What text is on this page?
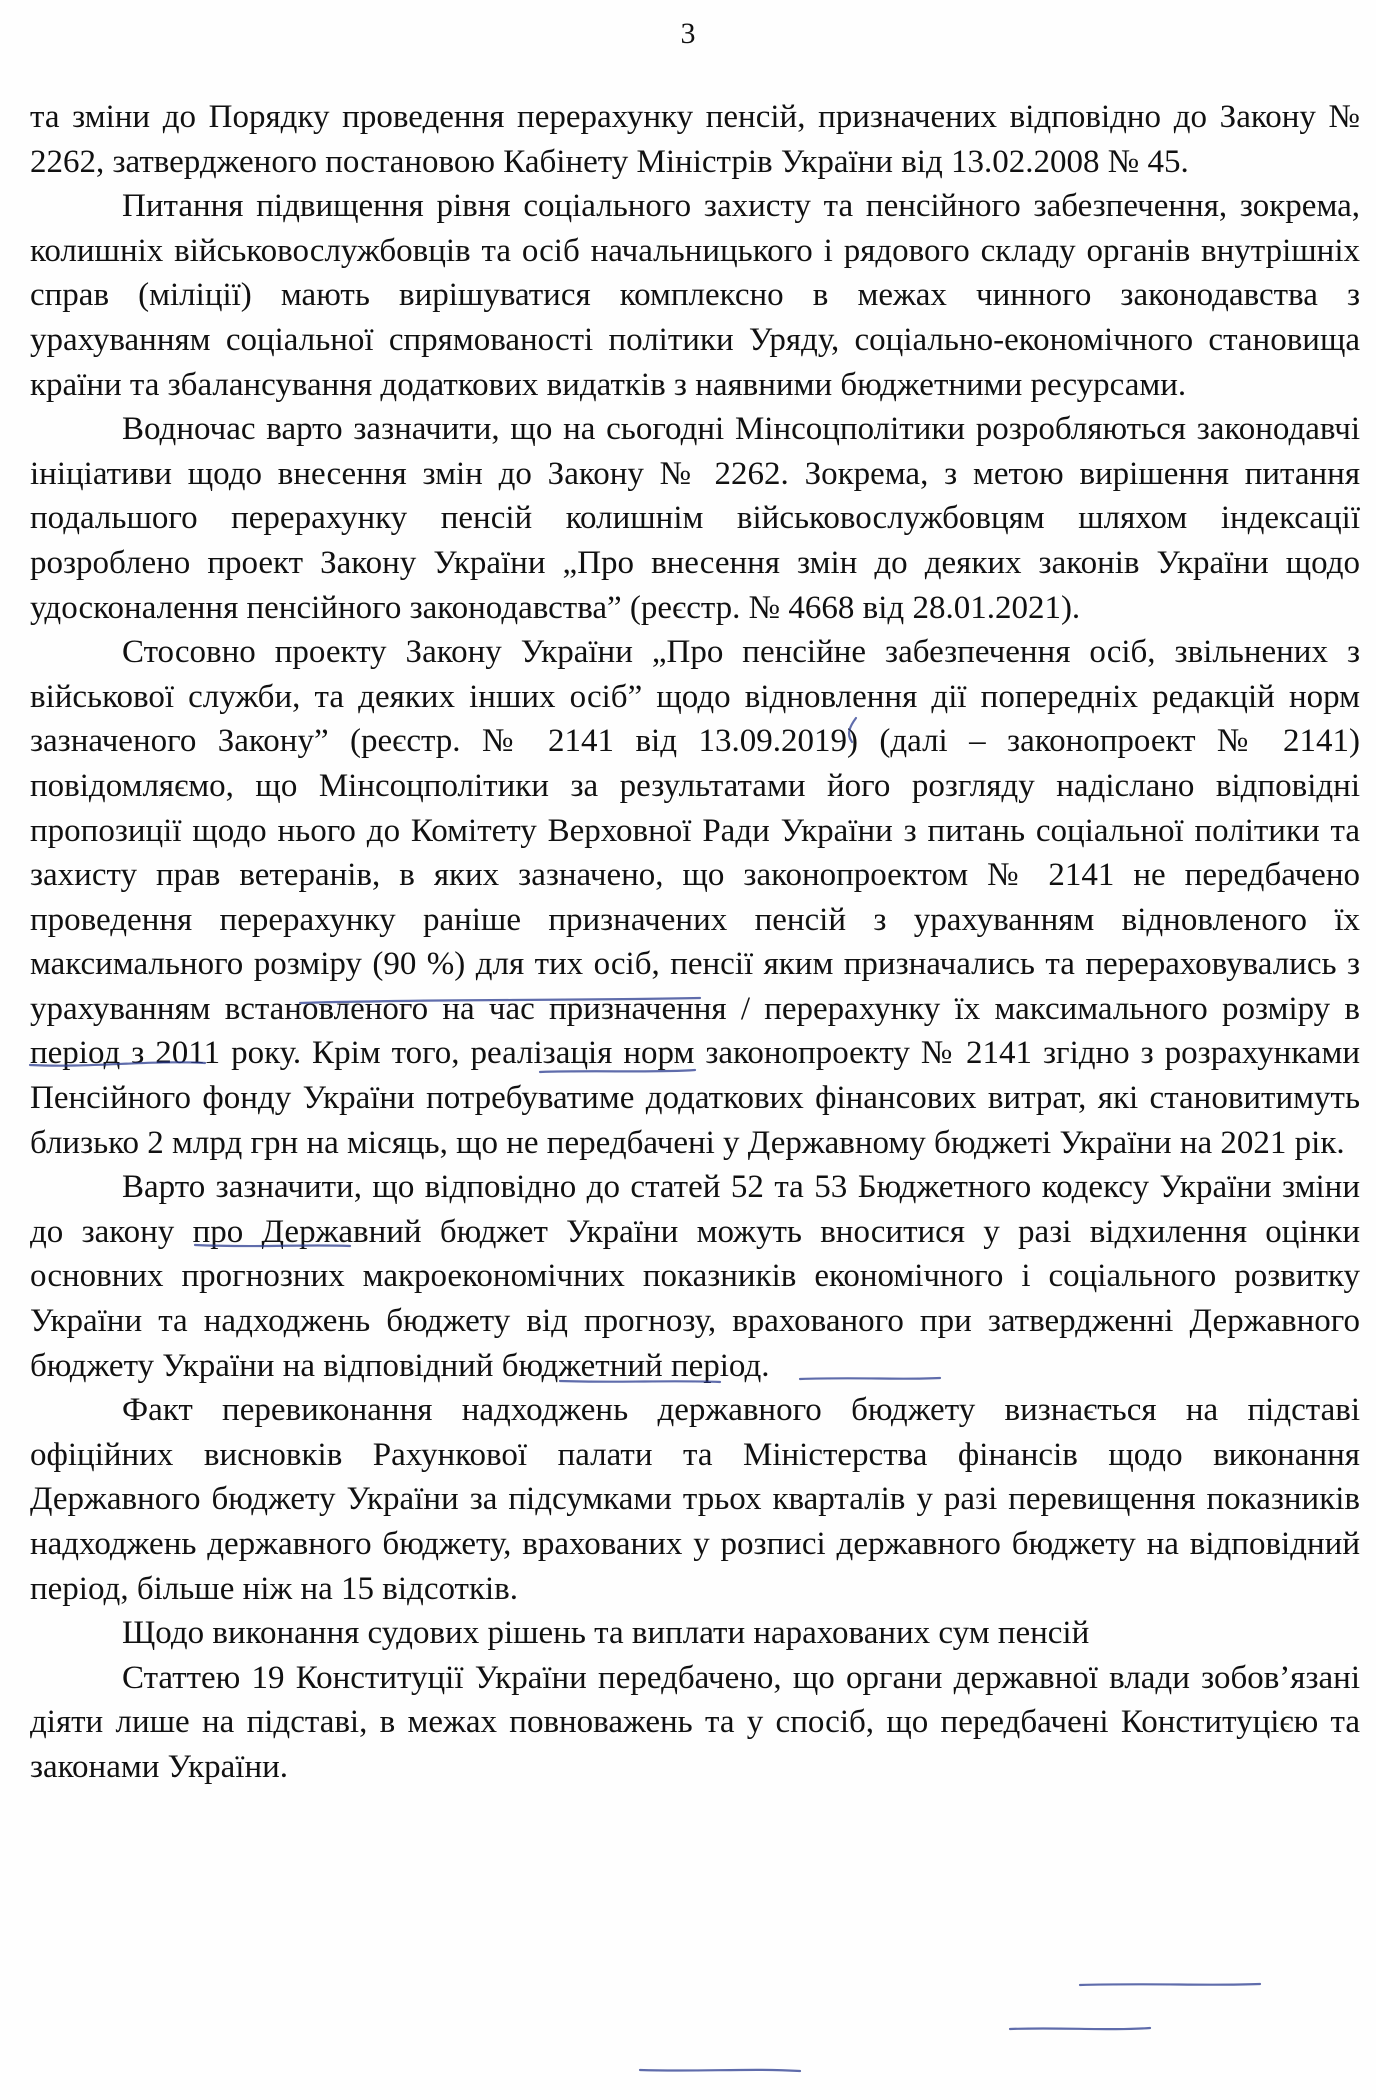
3

та зміни до Порядку проведення перерахунку пенсій, призначених відповідно до Закону № 2262, затвердженого постановою Кабінету Міністрів України від 13.02.2008 № 45.

Питання підвищення рівня соціального захисту та пенсійного забезпечення, зокрема, колишніх військовослужбовців та осіб начальницького і рядового складу органів внутрішніх справ (міліції) мають вирішуватися комплексно в межах чинного законодавства з урахуванням соціальної спрямованості політики Уряду, соціально-економічного становища країни та збалансування додаткових видатків з наявними бюджетними ресурсами.

Водночас варто зазначити, що на сьогодні Мінсоцполітики розробляються законодавчі ініціативи щодо внесення змін до Закону № 2262. Зокрема, з метою вирішення питання подальшого перерахунку пенсій колишнім військовослужбовцям шляхом індексації розроблено проект Закону України „Про внесення змін до деяких законів України щодо удосконалення пенсійного законодавства” (реєстр. № 4668 від 28.01.2021).

Стосовно проекту Закону України „Про пенсійне забезпечення осіб, звільнених з військової служби, та деяких інших осіб” щодо відновлення дії попередніх редакцій норм зазначеного Закону” (реєстр. № 2141 від 13.09.2019) (далі – законопроект № 2141) повідомляємо, що Мінсоцполітики за результатами його розгляду надіслано відповідні пропозиції щодо нього до Комітету Верховної Ради України з питань соціальної політики та захисту прав ветеранів, в яких зазначено, що законопроектом № 2141 не передбачено проведення перерахунку раніше призначених пенсій з урахуванням відновленого їх максимального розміру (90 %) для тих осіб, пенсії яким призначались та перераховувались з урахуванням встановленого на час призначення / перерахунку їх максимального розміру в період з 2011 року. Крім того, реалізація норм законопроекту № 2141 згідно з розрахунками Пенсійного фонду України потребуватиме додаткових фінансових витрат, які становитимуть близько 2 млрд грн на місяць, що не передбачені у Державному бюджеті України на 2021 рік.

Варто зазначити, що відповідно до статей 52 та 53 Бюджетного кодексу України зміни до закону про Державний бюджет України можуть вноситися у разі відхилення оцінки основних прогнозних макроекономічних показників економічного і соціального розвитку України та надходжень бюджету від прогнозу, врахованого при затвердженні Державного бюджету України на відповідний бюджетний період.

Факт перевиконання надходжень державного бюджету визнається на підставі офіційних висновків Рахункової палати та Міністерства фінансів щодо виконання Державного бюджету України за підсумками трьох кварталів у разі перевищення показників надходжень державного бюджету, врахованих у розписі державного бюджету на відповідний період, більше ніж на 15 відсотків.

Щодо виконання судових рішень та виплати нарахованих сум пенсій

Статтею 19 Конституції України передбачено, що органи державної влади зобов’язані діяти лише на підставі, в межах повноважень та у спосіб, що передбачені Конституцією та законами України.
